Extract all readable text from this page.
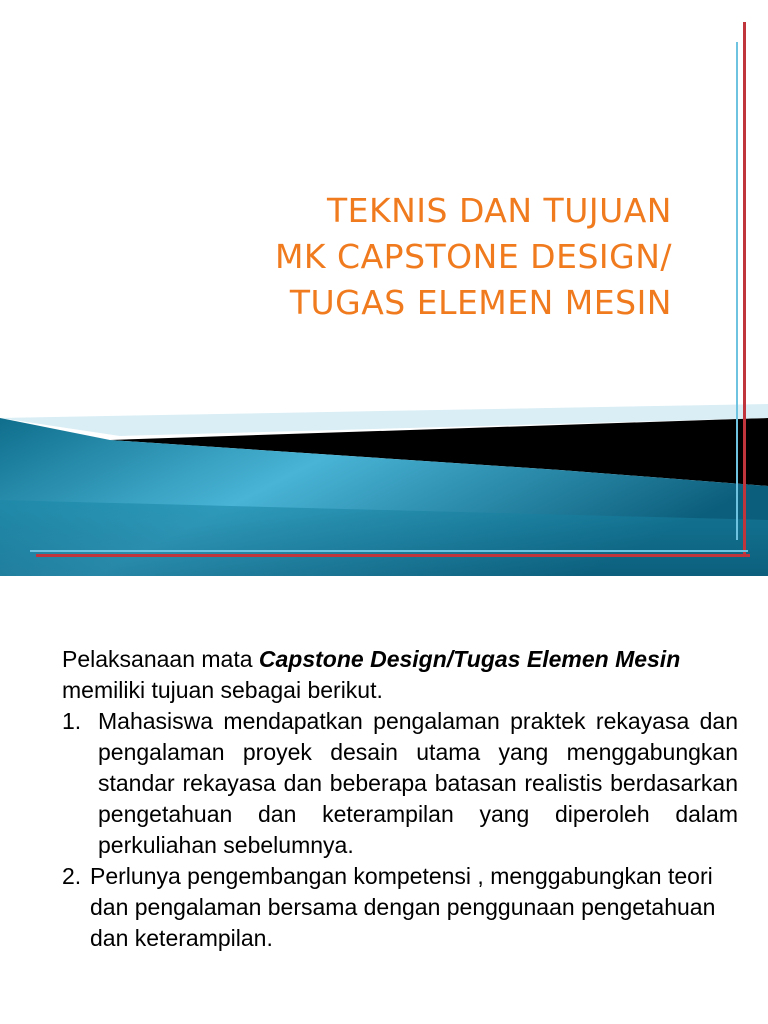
TEKNIS DAN TUJUAN
MK CAPSTONE DESIGN/
TUGAS ELEMEN MESIN

Pelaksanaan mata Capstone Design/Tugas Elemen Mesin memiliki tujuan sebagai berikut.

1. Mahasiswa mendapatkan pengalaman praktek rekayasa dan pengalaman proyek desain utama yang menggabungkan standar rekayasa dan beberapa batasan realistis berdasarkan pengetahuan dan keterampilan yang diperoleh dalam perkuliahan sebelumnya.
2. Perlunya pengembangan kompetensi , menggabungkan teori dan pengalaman bersama dengan penggunaan pengetahuan dan keterampilan.
